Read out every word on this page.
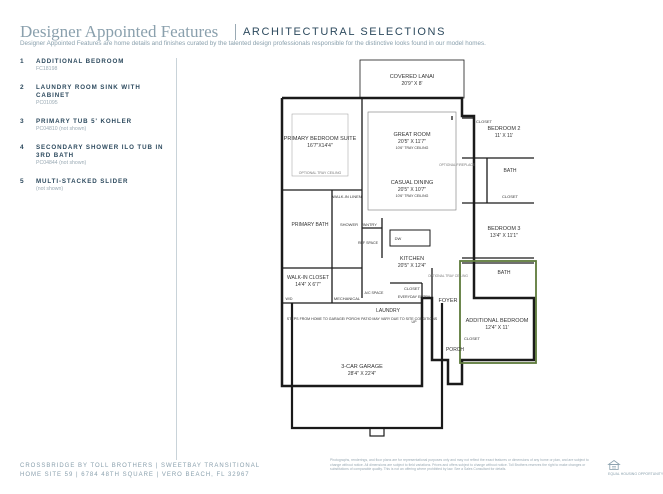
Designer Appointed Features ARCHITECTURAL SELECTIONS
Designer Appointed Features are home details and finishes curated by the talented design professionals responsible for the distinctive looks found in our model homes.
1 ADDITIONAL BEDROOM
FC18198
2 LAUNDRY ROOM SINK WITH CABINET
PC01095
3 PRIMARY TUB 5' KOHLER
PC04810 (not shown)
4 SECONDARY SHOWER ILO TUB IN 3RD BATH
PC04844 (not shown)
5 MULTI-STACKED SLIDER
(not shown)
COVERED LANAI
20'9" X 8'
3-CAR GARAGE
28'4" X 22'4"
STEPS FROM HOME TO GARAGE/ PORCH/ PATIO MAY VARY DUE TO SITE CONDITIONS
GREAT ROOM
20'5" X 11'7"
10'6" TRAY CEILING
CASUAL DINING
20'5" X 10'7"
10'6" TRAY CEILING
PRIMARY BEDROOM SUITE
16'7"X14'4"
OPTIONAL TRAY CEILING
BEDROOM 2
11' X 11'
BATH
CLOSET
CLOSET
BEDROOM 3
13'4" X 11'1"
BATH
CLOSET
CLOSET
ADDITIONAL BEDROOM
12'4" X 11'
FOYER
OPTIONAL TRAY CEILING
OPTIONAL FIREPLACE
PORCH
PRIMARY BATH
WALK-IN LINEN
SHOWER PANTRY
REF SPACE
DW
KITCHEN
20'5" X 12'4"
WALK-IN CLOSET
14'4" X 6'7"
W/D	MECHANICAL
LAUNDRY
A/C SPACE
EVERYDAY ENTRY
UP
CROSSBRIDGE BY TOLL BROTHERS | SWEETBAY TRANSITIONAL
HOME SITE 59 | 6784 48TH SQUARE | VERO BEACH, FL 32967
Photographs, renderings, and floor plans are for representational purposes only and may not reflect the exact features or dimensions of any home or plan, and are subject to change without notice. All dimensions are subject to field variations. Prices and offers subject to change without notice. Toll Brothers reserves the right to make changes or substitutions of comparable quality. This is not an offering where prohibited by law. See a Sales Consultant for details.
EQUAL HOUSING OPPORTUNITY
